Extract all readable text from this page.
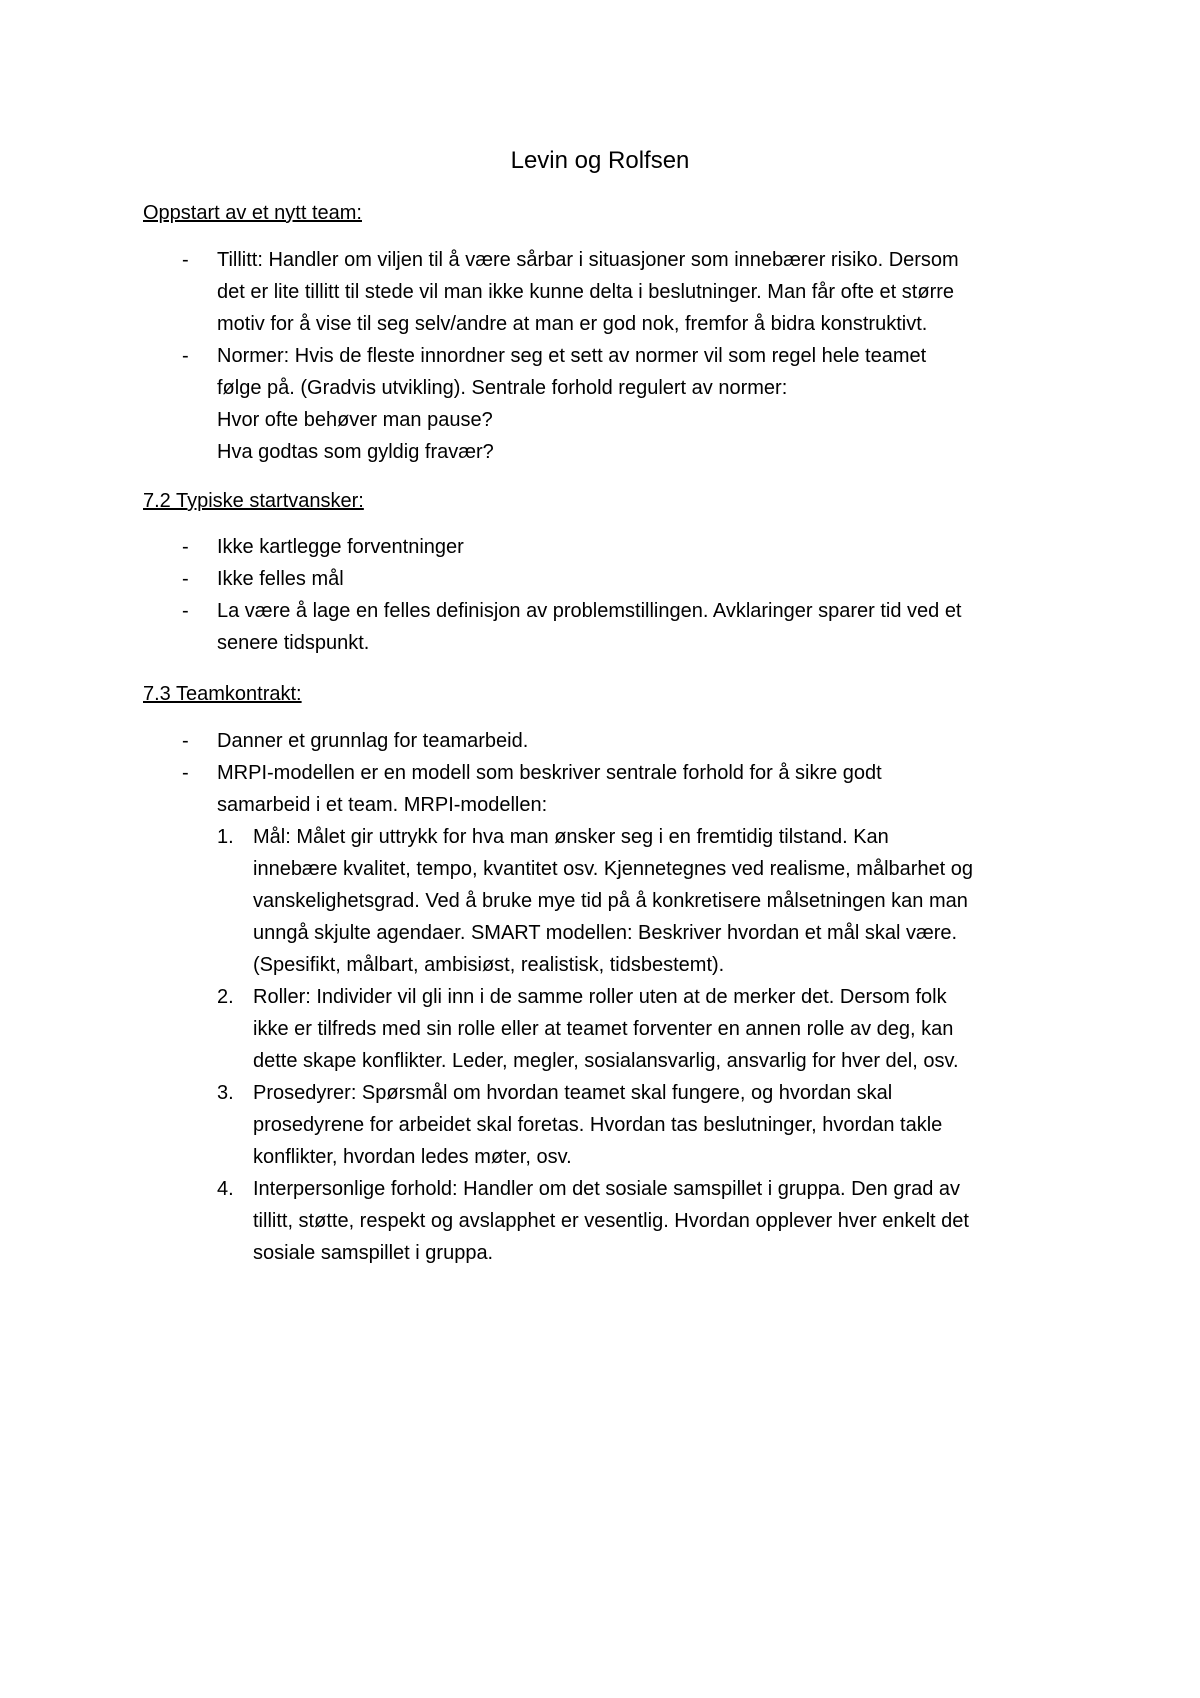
Levin og Rolfsen
Oppstart av et nytt team:
- Tillitt: Handler om viljen til å være sårbar i situasjoner som innebærer risiko. Dersom
det er lite tillitt til stede vil man ikke kunne delta i beslutninger. Man får ofte et større
motiv for å vise til seg selv/andre at man er god nok, fremfor å bidra konstruktivt.
- Normer: Hvis de fleste innordner seg et sett av normer vil som regel hele teamet
følge på. (Gradvis utvikling). Sentrale forhold regulert av normer:
Hvor ofte behøver man pause?
Hva godtas som gyldig fravær?
7.2 Typiske startvansker:
- Ikke kartlegge forventninger
- Ikke felles mål
- La være å lage en felles definisjon av problemstillingen. Avklaringer sparer tid ved et
senere tidspunkt.
7.3 Teamkontrakt:
- Danner et grunnlag for teamarbeid.
- MRPI-modellen er en modell som beskriver sentrale forhold for å sikre godt
samarbeid i et team. MRPI-modellen:
1. Mål: Målet gir uttrykk for hva man ønsker seg i en fremtidig tilstand. Kan
innebære kvalitet, tempo, kvantitet osv. Kjennetegnes ved realisme, målbarhet og
vanskelighetsgrad. Ved å bruke mye tid på å konkretisere målsetningen kan man
unngå skjulte agendaer. SMART modellen: Beskriver hvordan et mål skal være.
(Spesifikt, målbart, ambisiøst, realistisk, tidsbestemt).
2. Roller: Individer vil gli inn i de samme roller uten at de merker det. Dersom folk
ikke er tilfreds med sin rolle eller at teamet forventer en annen rolle av deg, kan
dette skape konflikter. Leder, megler, sosialansvarlig, ansvarlig for hver del, osv.
3. Prosedyrer: Spørsmål om hvordan teamet skal fungere, og hvordan skal
prosedyrene for arbeidet skal foretas. Hvordan tas beslutninger, hvordan takle
konflikter, hvordan ledes møter, osv.
4. Interpersonlige forhold: Handler om det sosiale samspillet i gruppa. Den grad av
tillitt, støtte, respekt og avslapphet er vesentlig. Hvordan opplever hver enkelt det
sosiale samspillet i gruppa.
